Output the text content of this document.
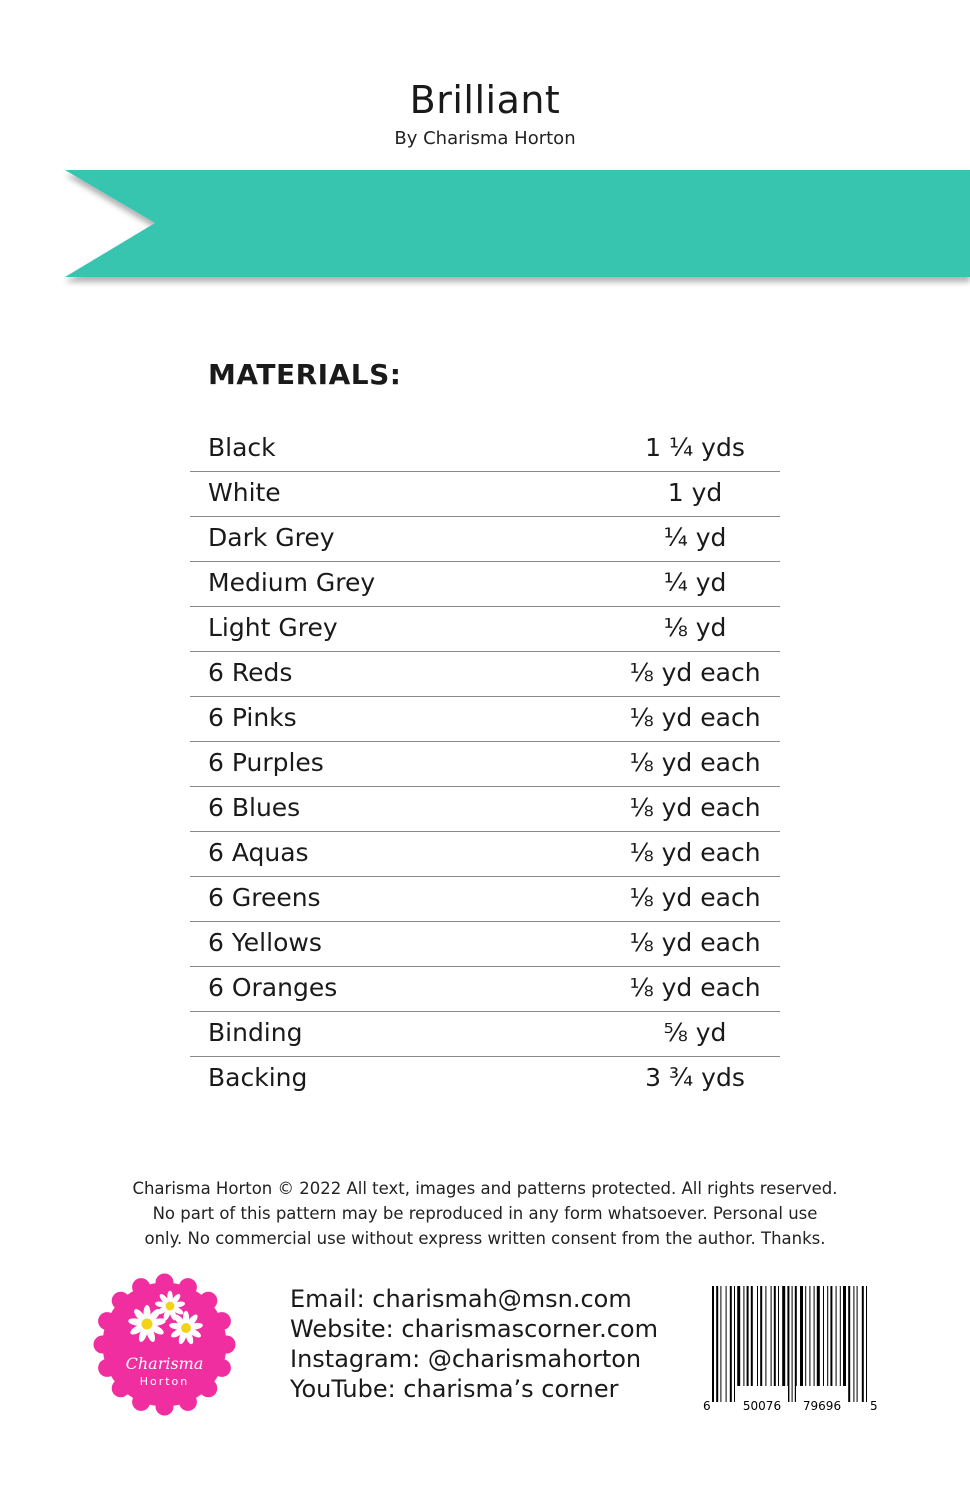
Brilliant
By Charisma Horton
MATERIALS:
Black	1 ¼ yds
White	1 yd
Dark Grey	¼ yd
Medium Grey	¼ yd
Light Grey	⅛ yd
6 Reds	⅛ yd each
6 Pinks	⅛ yd each
6 Purples	⅛ yd each
6 Blues	⅛ yd each
6 Aquas	⅛ yd each
6 Greens	⅛ yd each
6 Yellows	⅛ yd each
6 Oranges	⅛ yd each
Binding	⅝ yd
Backing	3 ¾ yds
Charisma Horton © 2022 All text, images and patterns protected. All rights reserved.
No part of this pattern may be reproduced in any form whatsoever. Personal use
only. No commercial use without express written consent from the author. Thanks.
Charisma
Horton
Email: charismah@msn.com
Website: charismascorner.com
Instagram: @charismahorton
YouTube: charisma’s corner
6	50076 79696 5
